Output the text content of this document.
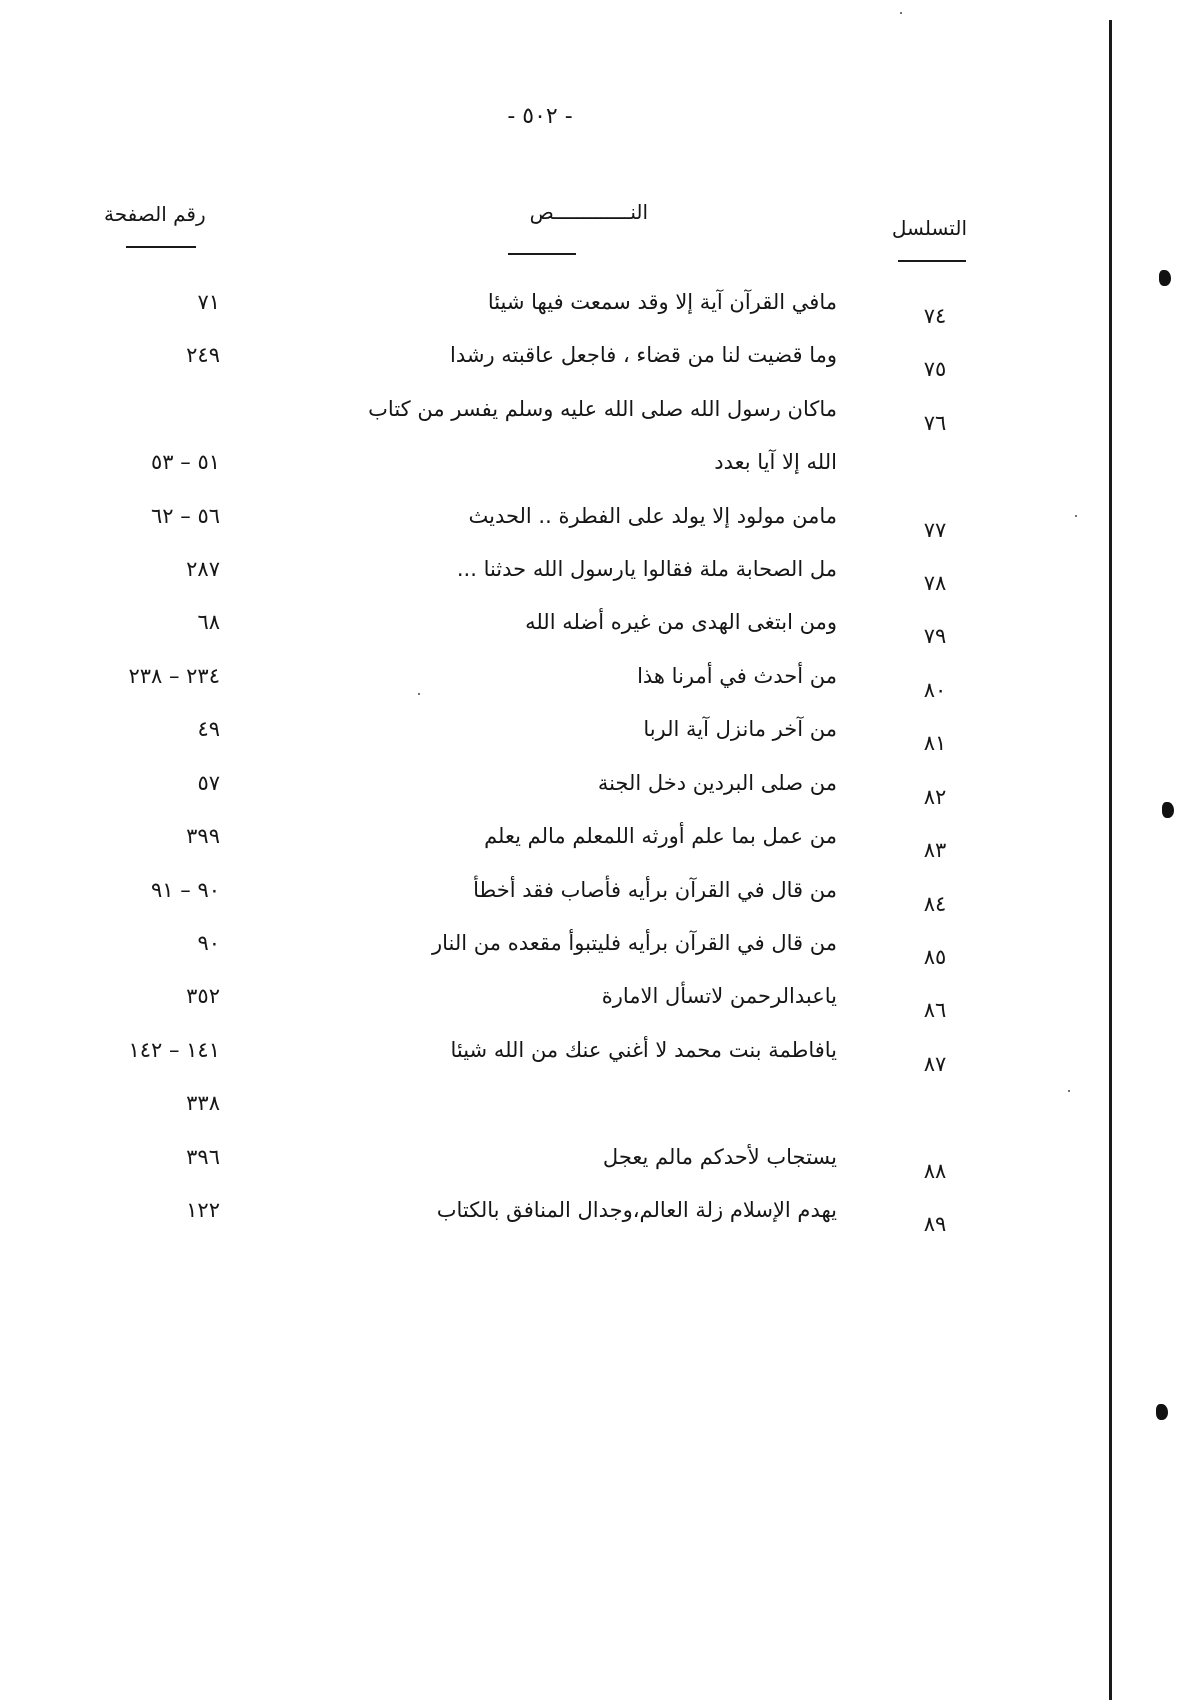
- ٥٠٢ -
التسلسل
النـــــــــــــص
رقم الصفحة
٧٤
مافي القرآن آية إلا وقد سمعت فيها شيئا
٧١
٧٥
وما قضيت لنا من قضاء ، فاجعل عاقبته رشدا
٢٤٩
٧٦
ماكان رسول الله صلى الله عليه وسلم يفسر من كتاب
الله إلا آيا بعدد
٥١ – ٥٣
٧٧
مامن مولود إلا يولد على الفطرة .. الحديث
٥٦ – ٦٢
٧٨
مل الصحابة ملة فقالوا يارسول الله حدثنا ...
٢٨٧
٧٩
ومن ابتغى الهدى من غيره أضله الله
٦٨
٨٠
من أحدث في أمرنا هذا
٢٣٤ – ٢٣٨
٨١
من آخر مانزل آية الربا
٤٩
٨٢
من صلى البردين دخل الجنة
٥٧
٨٣
من عمل بما علم أورثه اللمعلم مالم يعلم
٣٩٩
٨٤
من قال في القرآن برأيه فأصاب فقد أخطأ
٩٠ – ٩١
٨٥
من قال في القرآن برأيه فليتبوأ مقعده من النار
٩٠
٨٦
ياعبدالرحمن لاتسأل الامارة
٣٥٢
٨٧
يافاطمة بنت محمد لا أغني عنك من الله شيئا
١٤١ – ١٤٢
٣٣٨
٨٨
يستجاب لأحدكم مالم يعجل
٣٩٦
٨٩
يهدم الإسلام زلة العالم،وجدال المنافق بالكتاب
١٢٢
